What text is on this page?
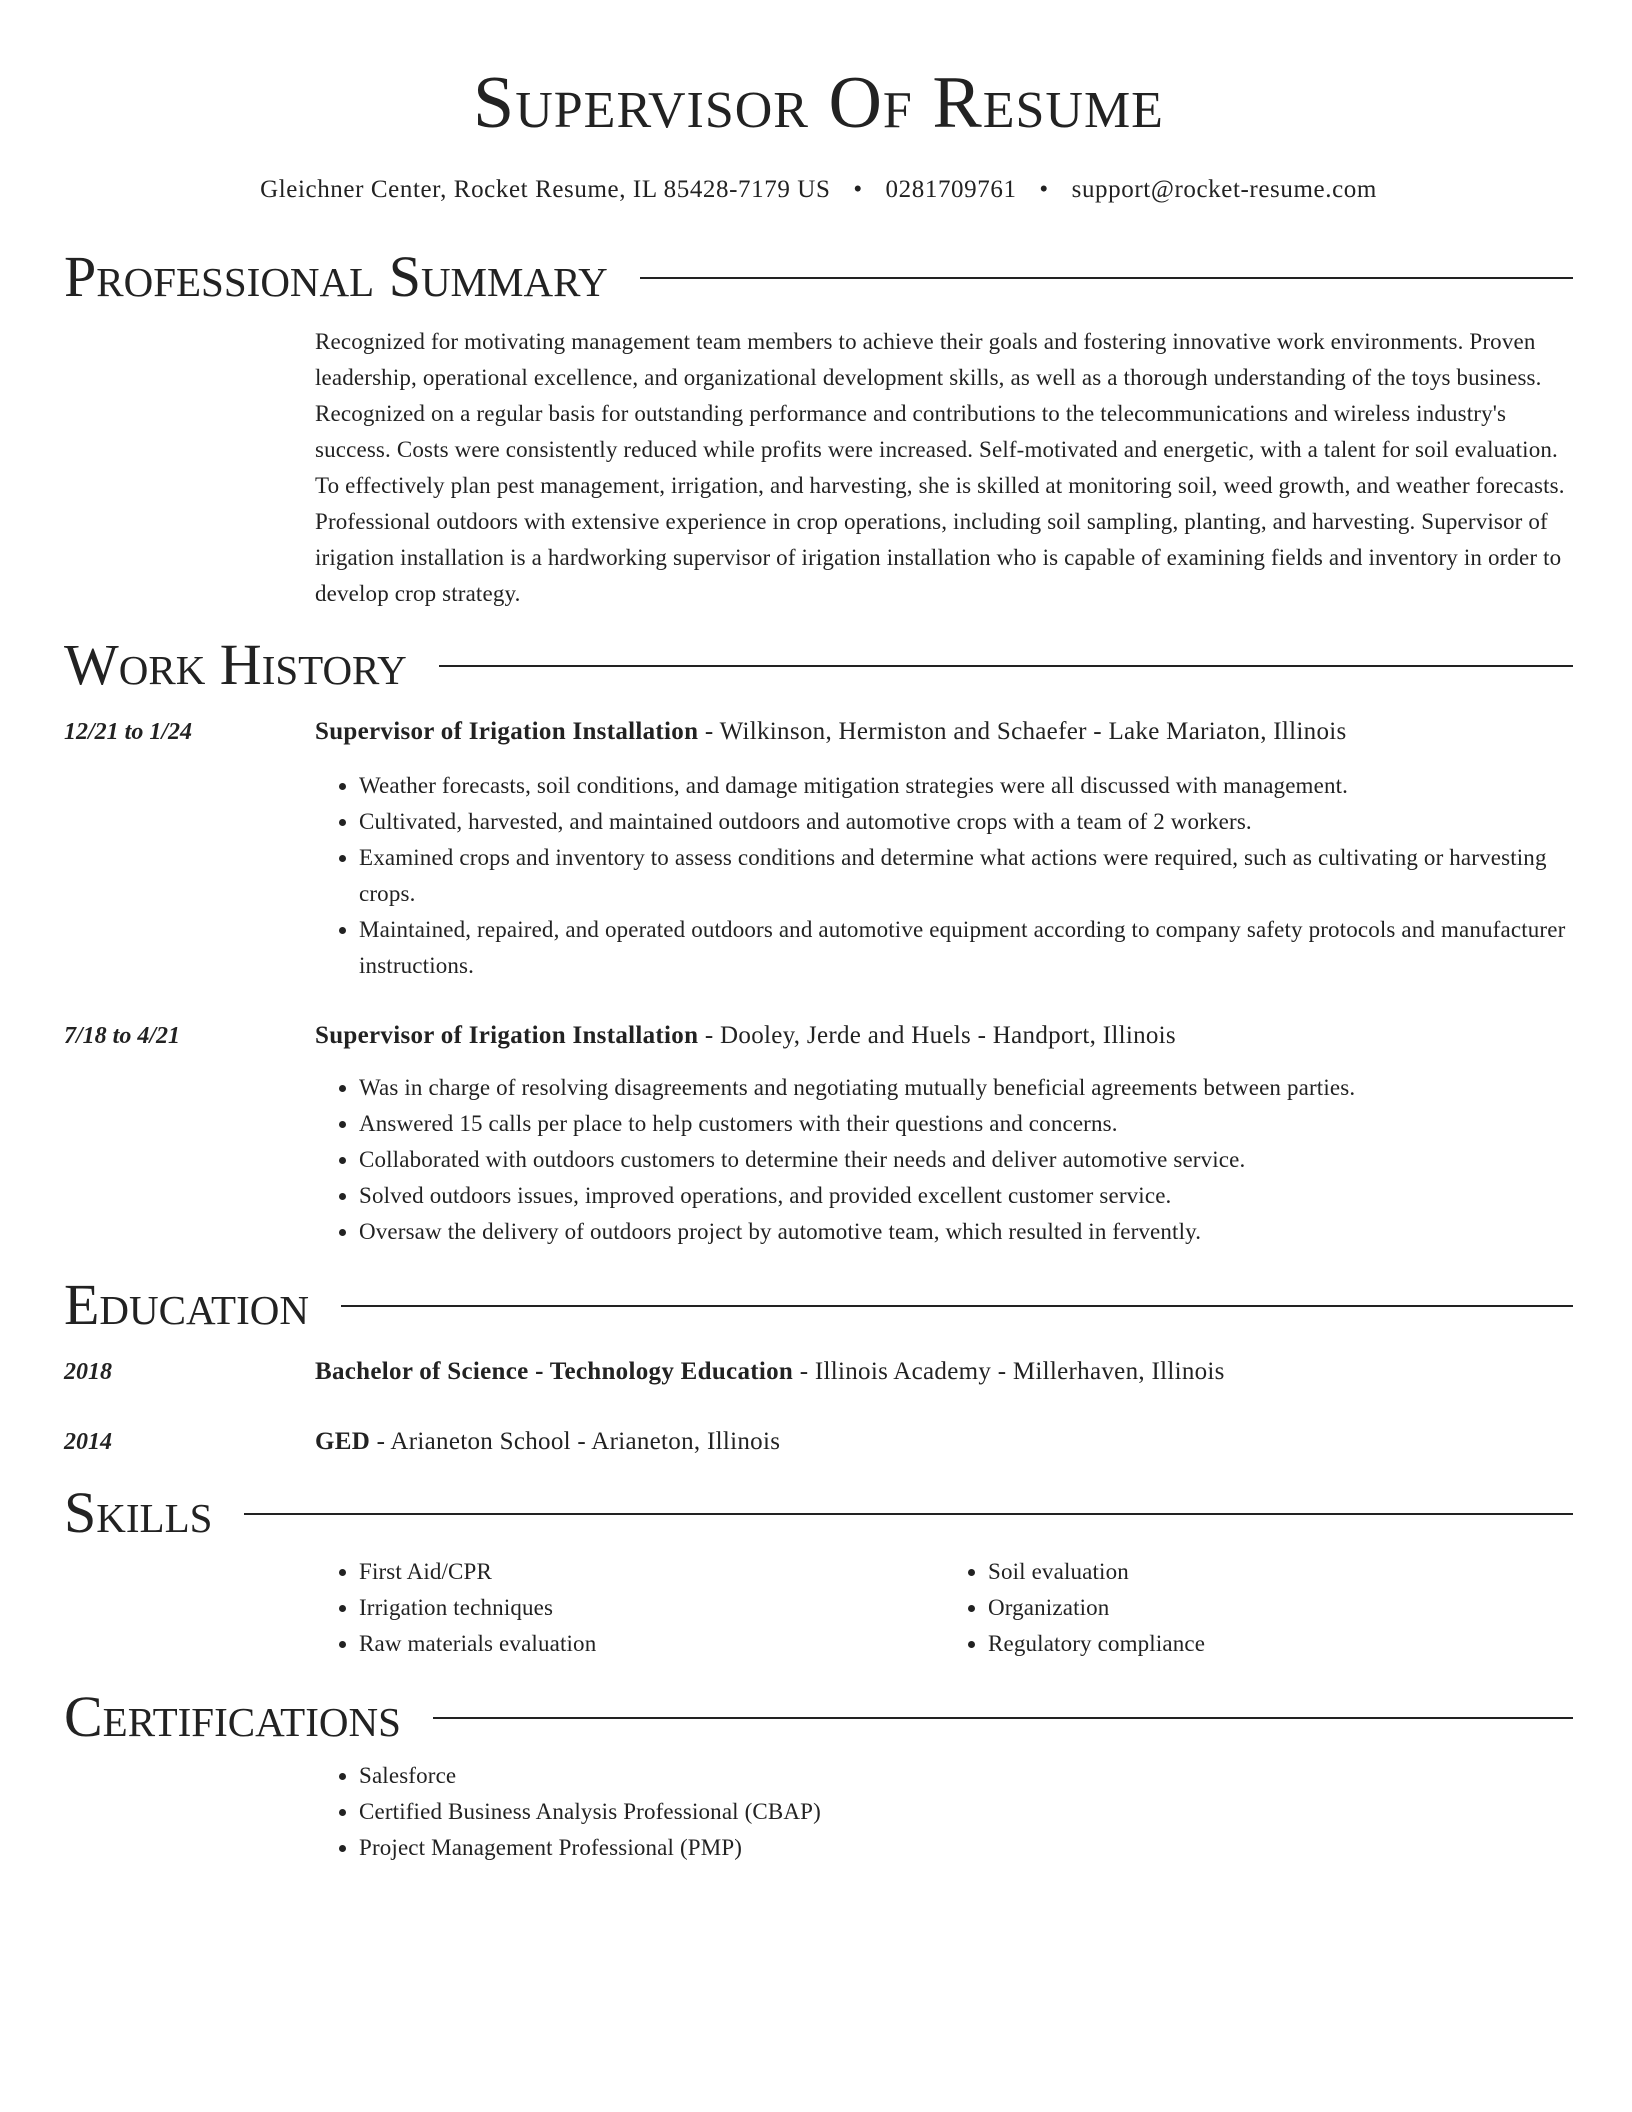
Supervisor Of Resume
Gleichner Center, Rocket Resume, IL 85428-7179 US • 0281709761 • support@rocket-resume.com
Professional Summary

Recognized for motivating management team members to achieve their goals and fostering innovative work environments. Proven leadership, operational excellence, and organizational development skills, as well as a thorough understanding of the toys business. Recognized on a regular basis for outstanding performance and contributions to the telecommunications and wireless industry's success. Costs were consistently reduced while profits were increased. Self-motivated and energetic, with a talent for soil evaluation. To effectively plan pest management, irrigation, and harvesting, she is skilled at monitoring soil, weed growth, and weather forecasts. Professional outdoors with extensive experience in crop operations, including soil sampling, planting, and harvesting. Supervisor of irigation installation is a hardworking supervisor of irigation installation who is capable of examining fields and inventory in order to develop crop strategy.

Work History
12/21 to 1/24	Supervisor of Irigation Installation - Wilkinson, Hermiston and Schaefer - Lake Mariaton, Illinois
• Weather forecasts, soil conditions, and damage mitigation strategies were all discussed with management.
• Cultivated, harvested, and maintained outdoors and automotive crops with a team of 2 workers.
• Examined crops and inventory to assess conditions and determine what actions were required, such as cultivating or harvesting crops.
• Maintained, repaired, and operated outdoors and automotive equipment according to company safety protocols and manufacturer instructions.
7/18 to 4/21	Supervisor of Irigation Installation - Dooley, Jerde and Huels - Handport, Illinois
• Was in charge of resolving disagreements and negotiating mutually beneficial agreements between parties.
• Answered 15 calls per place to help customers with their questions and concerns.
• Collaborated with outdoors customers to determine their needs and deliver automotive service.
• Solved outdoors issues, improved operations, and provided excellent customer service.
• Oversaw the delivery of outdoors project by automotive team, which resulted in fervently.
Education
2018	Bachelor of Science - Technology Education - Illinois Academy - Millerhaven, Illinois
2014	GED - Arianeton School - Arianeton, Illinois
Skills
• First Aid/CPR
• Irrigation techniques
• Raw materials evaluation
• Soil evaluation
• Organization
• Regulatory compliance
Certifications
• Salesforce
• Certified Business Analysis Professional (CBAP)
• Project Management Professional (PMP)
